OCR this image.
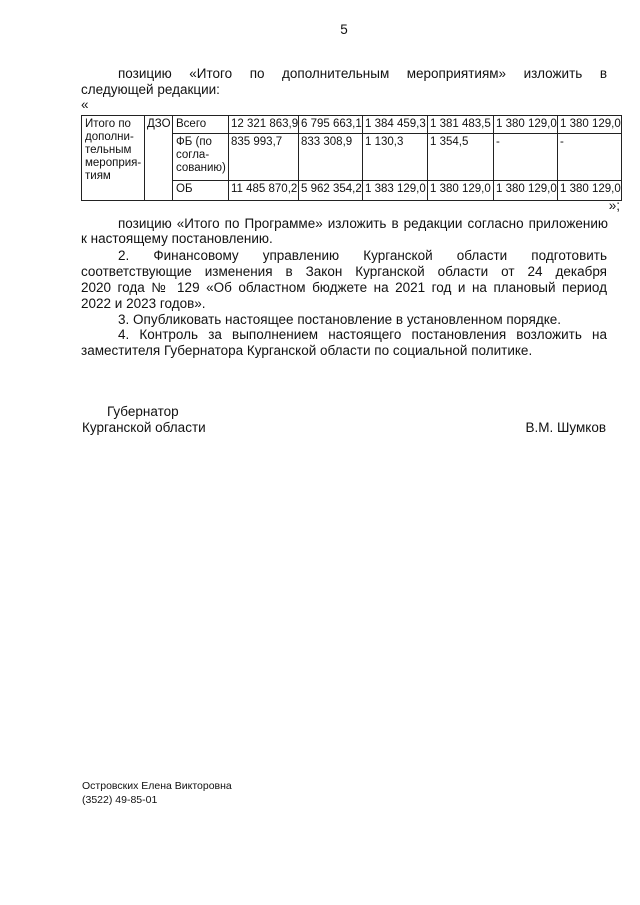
5
позицию «Итого по дополнительным мероприятиям» изложить в
следующей редакции:
«
Итого по
дополни-
тельным
мероприя-
тиям	ДЗО	Всего	12 321 863,9	6 795 663,1	1 384 459,3	1 381 483,5	1 380 129,0	1 380 129,0

		ФБ (по
согла-
сованию)	835 993,7	833 308,9	1 130,3	1 354,5	-	-

		ОБ	11 485 870,2	5 962 354,2	1 383 129,0	1 380 129,0	1 380 129,0	1 380 129,0
»;
позицию «Итого по Программе» изложить в редакции согласно приложению
к настоящему постановлению.
2. Финансовому управлению Курганской области подготовить
соответствующие изменения в Закон Курганской области от 24 декабря
2020 года № 129 «Об областном бюджете на 2021 год и на плановый период
2022 и 2023 годов».
3. Опубликовать настоящее постановление в установленном порядке.
4. Контроль за выполнением настоящего постановления возложить на
заместителя Губернатора Курганской области по социальной политике.
Губернатор
Курганской области	В.М. Шумков
Островских Елена Викторовна
(3522) 49-85-01
